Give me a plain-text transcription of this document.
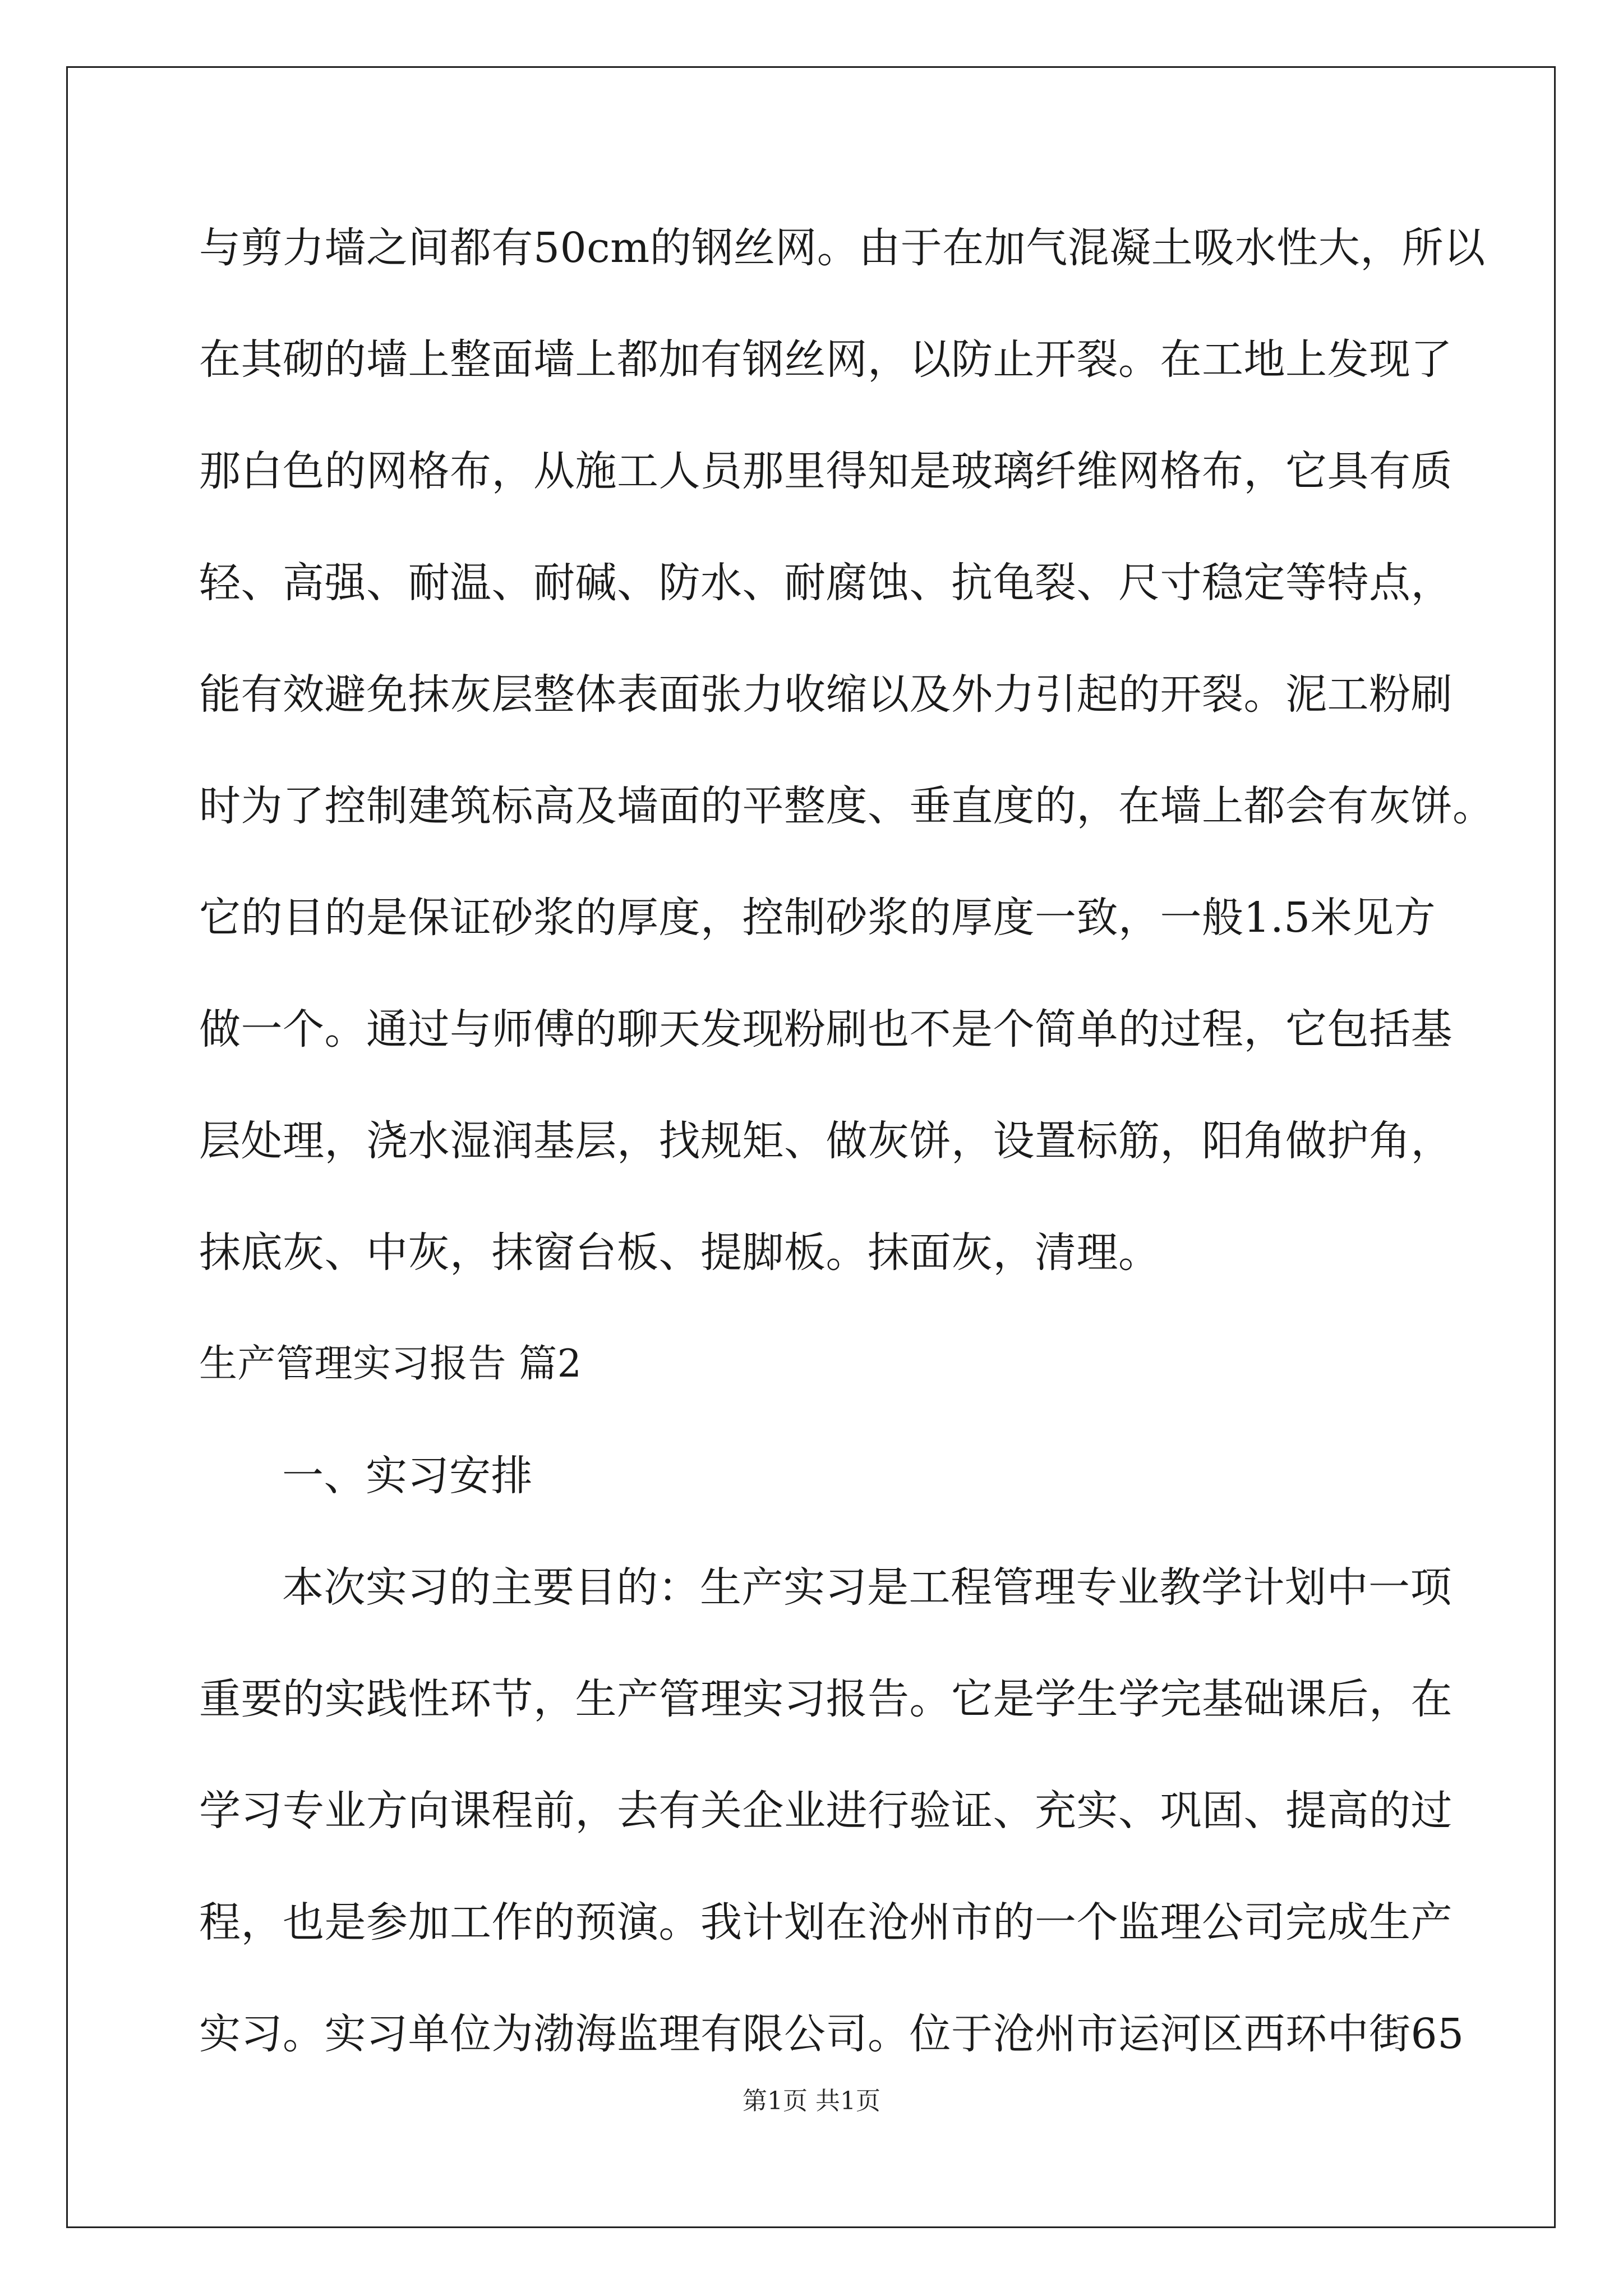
与剪力墙之间都有50cm的钢丝网。由于在加气混凝土吸水性大，所以
在其砌的墙上整面墙上都加有钢丝网，以防止开裂。在工地上发现了
那白色的网格布，从施工人员那里得知是玻璃纤维网格布，它具有质
轻、高强、耐温、耐碱、防水、耐腐蚀、抗龟裂、尺寸稳定等特点，
能有效避免抹灰层整体表面张力收缩以及外力引起的开裂。泥工粉刷
时为了控制建筑标高及墙面的平整度、垂直度的，在墙上都会有灰饼。
它的目的是保证砂浆的厚度，控制砂浆的厚度一致，一般1.5米见方
做一个。通过与师傅的聊天发现粉刷也不是个简单的过程，它包括基
层处理，浇水湿润基层，找规矩、做灰饼，设置标筋，阳角做护角，
抹底灰、中灰，抹窗台板、提脚板。抹面灰，清理。
生产管理实习报告 篇2
一、实习安排
本次实习的主要目的：生产实习是工程管理专业教学计划中一项
重要的实践性环节，生产管理实习报告。它是学生学完基础课后，在
学习专业方向课程前，去有关企业进行验证、充实、巩固、提高的过
程，也是参加工作的预演。我计划在沧州市的一个监理公司完成生产
实习。实习单位为渤海监理有限公司。位于沧州市运河区西环中街65
第1页 共1页
